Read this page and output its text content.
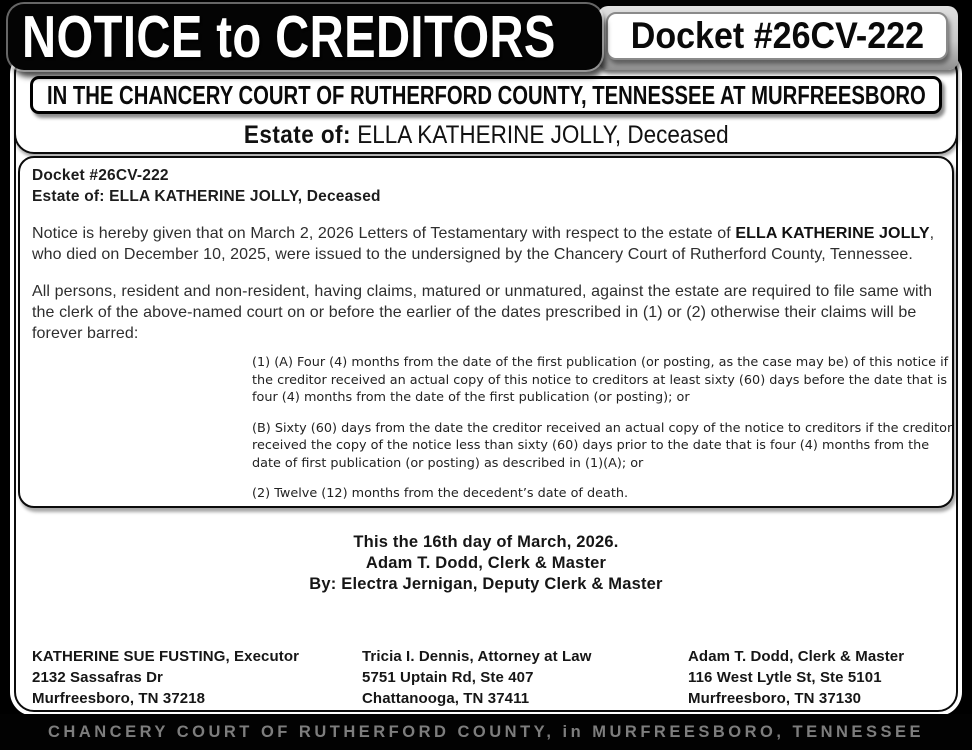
IN THE CHANCERY COURT OF RUTHERFORD COUNTY, TENNESSEE AT MURFREESBORO
Estate of: ELLA KATHERINE JOLLY, Deceased
Docket #26CV-222
Estate of: ELLA KATHERINE JOLLY, Deceased

Notice is hereby given that on March 2, 2026 Letters of Testamentary with respect to the estate of ELLA KATHERINE JOLLY, who died on December 10, 2025, were issued to the undersigned by the Chancery Court of Rutherford County, Tennessee.

All persons, resident and non-resident, having claims, matured or unmatured, against the estate are required to file same with the clerk of the above-named court on or before the earlier of the dates prescribed in (1) or (2) otherwise their claims will be forever barred:

(1) (A) Four (4) months from the date of the first publication (or posting, as the case may be) of this notice if the creditor received an actual copy of this notice to creditors at least sixty (60) days before the date that is four (4) months from the date of the first publication (or posting); or

(B) Sixty (60) days from the date the creditor received an actual copy of the notice to creditors if the creditor received the copy of the notice less than sixty (60) days prior to the date that is four (4) months from the date of first publication (or posting) as described in (1)(A); or

(2) Twelve (12) months from the decedent’s date of death.

This the 16th day of March, 2026.
Adam T. Dodd, Clerk & Master
By: Electra Jernigan, Deputy Clerk & Master
KATHERINE SUE FUSTING, Executor
2132 Sassafras Dr
Murfreesboro, TN 37218
Tricia I. Dennis, Attorney at Law
5751 Uptain Rd, Ste 407
Chattanooga, TN 37411
Adam T. Dodd, Clerk & Master
116 West Lytle St, Ste 5101
Murfreesboro, TN 37130
NOTICE to CREDITORS Docket #26CV-222
CHANCERY COURT OF RUTHERFORD COUNTY, in MURFREESBORO, TENNESSEE
